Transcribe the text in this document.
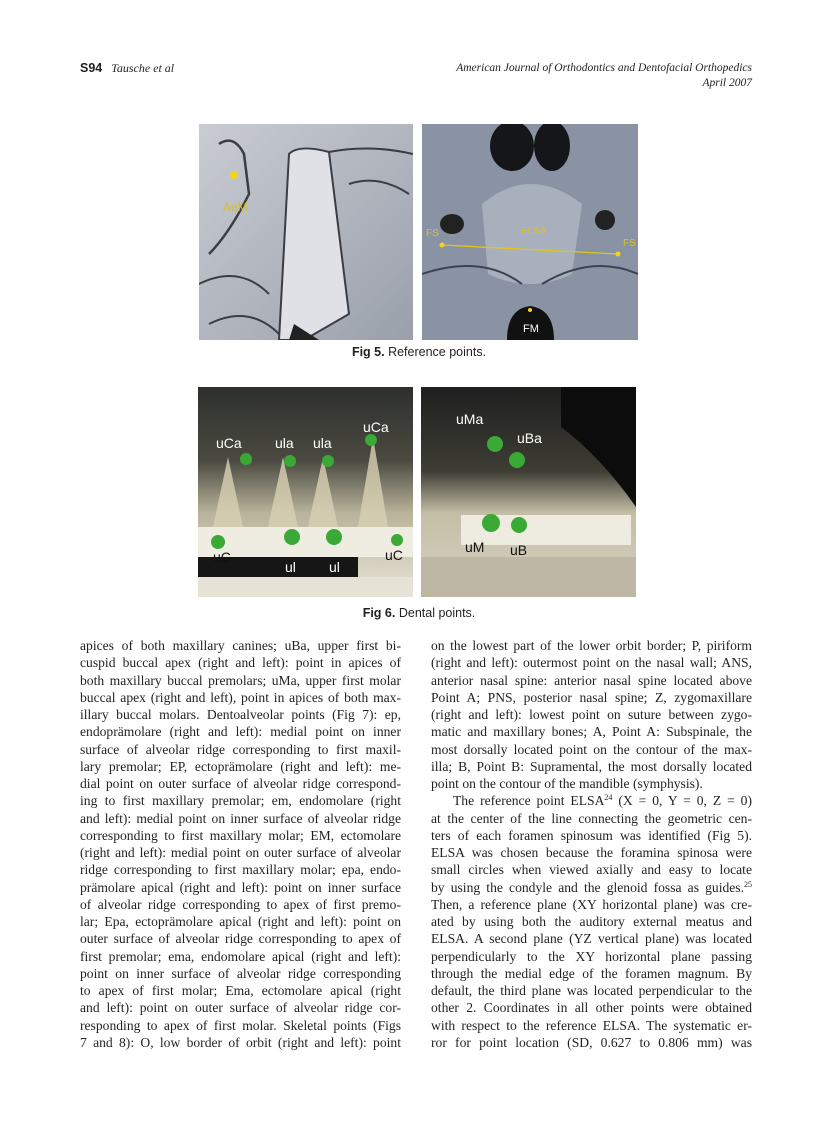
S94 Tausche et al	American Journal of Orthodontics and Dentofacial Orthopedics
April 2007
AeM
FS	ELSA
FS
FM
Fig 5. Reference points.
uCa ula ula
uCa
uC
ul ul
uC
uMa
uBa
uM uB
Fig 6. Dental points.
apices of both maxillary canines; uBa, upper first bi-
cuspid buccal apex (right and left): point in apices of
both maxillary buccal premolars; uMa, upper first molar
buccal apex (right and left), point in apices of both max-
illary buccal molars. Dentoalveolar points (Fig 7): ep,
endoprämolare (right and left): medial point on inner
surface of alveolar ridge corresponding to first maxil-
lary premolar; EP, ectoprämolare (right and left): me-
dial point on outer surface of alveolar ridge correspond-
ing to first maxillary premolar; em, endomolare (right
and left): medial point on inner surface of alveolar ridge
corresponding to first maxillary molar; EM, ectomolare
(right and left): medial point on outer surface of alveolar
ridge corresponding to first maxillary molar; epa, endo-
prämolare apical (right and left): point on inner surface
of alveolar ridge corresponding to apex of first premo-
lar; Epa, ectoprämolare apical (right and left): point on
outer surface of alveolar ridge corresponding to apex of
first premolar; ema, endomolare apical (right and left):
point on inner surface of alveolar ridge corresponding
to apex of first molar; Ema, ectomolare apical (right
and left): point on outer surface of alveolar ridge cor-
responding to apex of first molar. Skeletal points (Figs
7 and 8): O, low border of orbit (right and left): point
on the lowest part of the lower orbit border; P, piriform
(right and left): outermost point on the nasal wall; ANS,
anterior nasal spine: anterior nasal spine located above
Point A; PNS, posterior nasal spine; Z, zygomaxillare
(right and left): lowest point on suture between zygo-
matic and maxillary bones; A, Point A: Subspinale, the
most dorsally located point on the contour of the max-
illa; B, Point B: Supramental, the most dorsally located
point on the contour of the mandible (symphysis).
The reference point ELSA$^{24}$ (X = 0, Y = 0, Z = 0)
at the center of the line connecting the geometric cen-
ters of each foramen spinosum was identified (Fig 5).
ELSA was chosen because the foramina spinosa were
small circles when viewed axially and easy to locate
by using the condyle and the glenoid fossa as guides.$^{25}$
Then, a reference plane (XY horizontal plane) was cre-
ated by using both the auditory external meatus and
ELSA. A second plane (YZ vertical plane) was located
perpendicularly to the XY horizontal plane passing
through the medial edge of the foramen magnum. By
default, the third plane was located perpendicular to the
other 2. Coordinates in all other points were obtained
with respect to the reference ELSA. The systematic er-
ror for point location (SD, 0.627 to 0.806 mm) was
